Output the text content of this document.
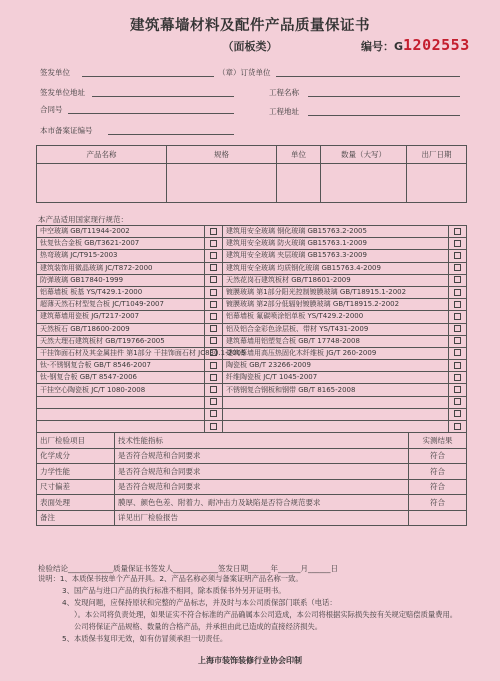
建筑幕墙材料及配件产品质量保证书
（面板类）	编号：G1202553
签发单位	（章）订货单位
签发单位地址	工程名称
合同号	工程地址
本市备案证编号
产品名称	规格	单位	数量（大写）	出厂日期

本产品适用国家现行规范：
中空玻璃 GB/T11944-2002		建筑用安全玻璃 钢化玻璃 GB15763.2-2005	
钛复钛合金板 GB/T3621-2007		建筑用安全玻璃 防火玻璃 GB15763.1-2009	
热弯玻璃 JC/T915-2003		建筑用安全玻璃 夹层玻璃 GB15763.3-2009	
建筑装饰用微晶玻璃 JC/T872-2000		建筑用安全玻璃 均质钢化玻璃 GB15763.4-2009	
防弹玻璃 GB17840-1999		天然花岗石建筑板材 GB/T18601-2009	
铝幕墙板 板基 YS/T429.1-2000		镀膜玻璃 第1部分阳光控制镀膜玻璃 GB/T18915.1-2002	
超薄天然石材型复合板 JC/T1049-2007		镀膜玻璃 第2部分低辐射镀膜玻璃 GB/T18915.2-2002	
建筑幕墙用瓷板 JG/T217-2007		铝幕墙板 氟碳喷涂铝单板 YS/T429.2-2000	
天然板石 GB/T18600-2009		铝及铝合金彩色涂层板、带材 YS/T431-2009	
天然大理石建筑板材 GB/T19766-2005		建筑幕墙用铝塑复合板 GB/T 17748-2008	
干挂饰面石材及其金属挂件 第1部分 干挂饰面石材 JC830.1-2005		建筑幕墙用高压热固化木纤维板 JG/T 260-2009	
钛-不锈钢复合板 GB/T 8546-2007		陶瓷板 GB/T 23266-2009	
钛-钢复合板 GB/T 8547-2006		纤维陶瓷板 JC/T 1045-2007	
干挂空心陶瓷板 JC/T 1080-2008		不锈钢复合钢板和钢带 GB/T 8165-2008	

出厂检验项目	技术性能指标	实测结果
化学成分	是否符合规范和合同要求	符合
力学性能	是否符合规范和合同要求	符合
尺寸偏差	是否符合规范和合同要求	符合
表面处理	膜厚、颜色色差、附着力、耐冲击力及缺陷是否符合规范要求	符合
备注	详见出厂检验报告	
检验结论____________质量保证书签发人____________签发日期______年______月______日
说明：1、本质保书按单个产品开具。2、产品名称必须与备案证明产品名称一致。
3、国产品与进口产品的执行标准不相同，除本质保书外另开证明书。
4、发现问题，应保持原状和完整的产品标志，并及时与本公司质保部门联系（电话：
）。本公司将负责处理，如果证实不符合标准的产品确属本公司造成，本公司将根据实际损失按有关规定赔偿质量费用。
公司将保证产品规格、数量的合格产品，并承担由此已造成的直接经济损失。
5、本质保书复印无效，如有仿冒须承担一切责任。
上海市装饰装修行业协会印制
